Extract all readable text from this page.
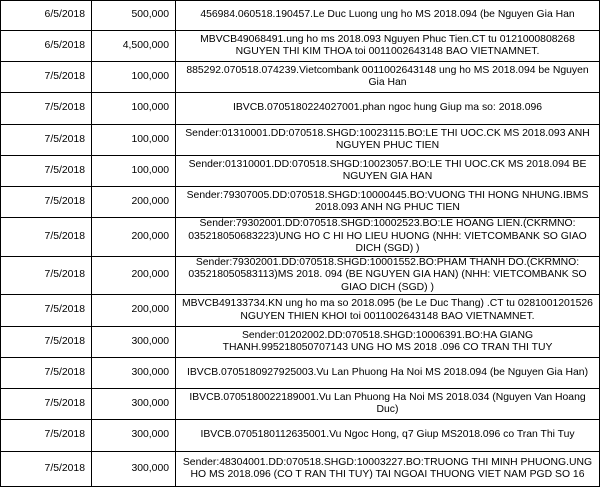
6/5/2018	500,000	456984.060518.190457.Le Duc Luong ung ho MS 2018.094 (be Nguyen Gia Han
6/5/2018	4,500,000	MBVCB49068491.ung ho ms 2018.093 Nguyen Phuc Tien.CT tu 0121000808268 NGUYEN THI KIM THOA toi 0011002643148 BAO VIETNAMNET.
7/5/2018	100,000	885292.070518.074239.Vietcombank 0011002643148 ung ho MS 2018.094 be Nguyen Gia Han
7/5/2018	100,000	IBVCB.0705180224027001.phan ngoc hung Giup ma so: 2018.096
7/5/2018	100,000	Sender:01310001.DD:070518.SHGD:10023115.BO:LE THI UOC.CK MS 2018.093 ANH NGUYEN PHUC TIEN
7/5/2018	100,000	Sender:01310001.DD:070518.SHGD:10023057.BO:LE THI UOC.CK MS 2018.094 BE NGUYEN GIA HAN
7/5/2018	200,000	Sender:79307005.DD:070518.SHGD:10000445.BO:VUONG THI HONG NHUNG.IBMS 2018.093 ANH NG PHUC TIEN
7/5/2018	200,000	Sender:79302001.DD:070518.SHGD:10002523.BO:LE HOANG LIEN.(CKRMNO: 035218050683223)UNG HO C HI HO LIEU HUONG (NHH: VIETCOMBANK SO GIAO DICH (SGD) )
7/5/2018	200,000	Sender:79302001.DD:070518.SHGD:10001552.BO:PHAM THANH DO.(CKRMNO: 035218050583113)MS 2018. 094 (BE NGUYEN GIA HAN) (NHH: VIETCOMBANK SO GIAO DICH (SGD) )
7/5/2018	200,000	MBVCB49133734.KN ung ho ma so 2018.095 (be Le Duc Thang) .CT tu 0281001201526 NGUYEN THIEN KHOI toi 0011002643148 BAO VIETNAMNET.
7/5/2018	300,000	Sender:01202002.DD:070518.SHGD:10006391.BO:HA GIANG THANH.995218050707143 UNG HO MS 2018 .096 CO TRAN THI TUY
7/5/2018	300,000	IBVCB.0705180927925003.Vu Lan Phuong Ha Noi MS 2018.094 (be Nguyen Gia Han)
7/5/2018	300,000	IBVCB.0705180022189001.Vu Lan Phuong Ha Noi MS 2018.034 (Nguyen Van Hoang Duc)
7/5/2018	300,000	IBVCB.0705180112635001.Vu Ngoc Hong, q7 Giup MS2018.096 co Tran Thi Tuy
7/5/2018	300,000	Sender:48304001.DD:070518.SHGD:10003227.BO:TRUONG THI MINH PHUONG.UNG HO MS 2018.096 (CO T RAN THI TUY) TAI NGOAI THUONG VIET NAM PGD SO 16
